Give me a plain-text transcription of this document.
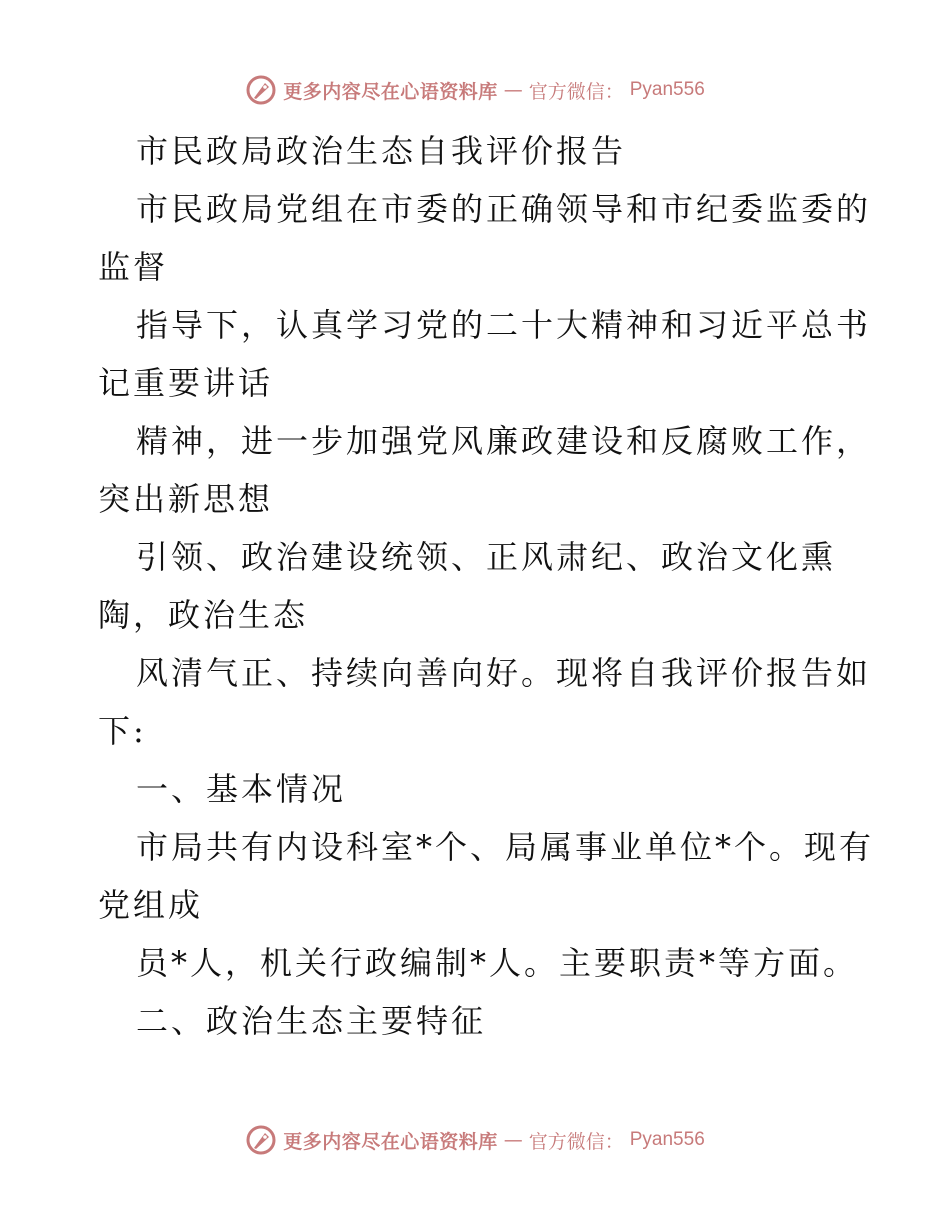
更多内容尽在心语资料库 — 官方微信： Pyan556
市民政局政治生态自我评价报告
市民政局党组在市委的正确领导和市纪委监委的
监督
指导下，认真学习党的二十大精神和习近平总书
记重要讲话
精神，进一步加强党风廉政建设和反腐败工作，
突出新思想
引领、政治建设统领、正风肃纪、政治文化熏
陶，政治生态
风清气正、持续向善向好。现将自我评价报告如
下:
一、基本情况
市局共有内设科室*个、局属事业单位*个。现有
党组成
员*人，机关行政编制*人。主要职责*等方面。
二、政治生态主要特征
更多内容尽在心语资料库 — 官方微信： Pyan556
